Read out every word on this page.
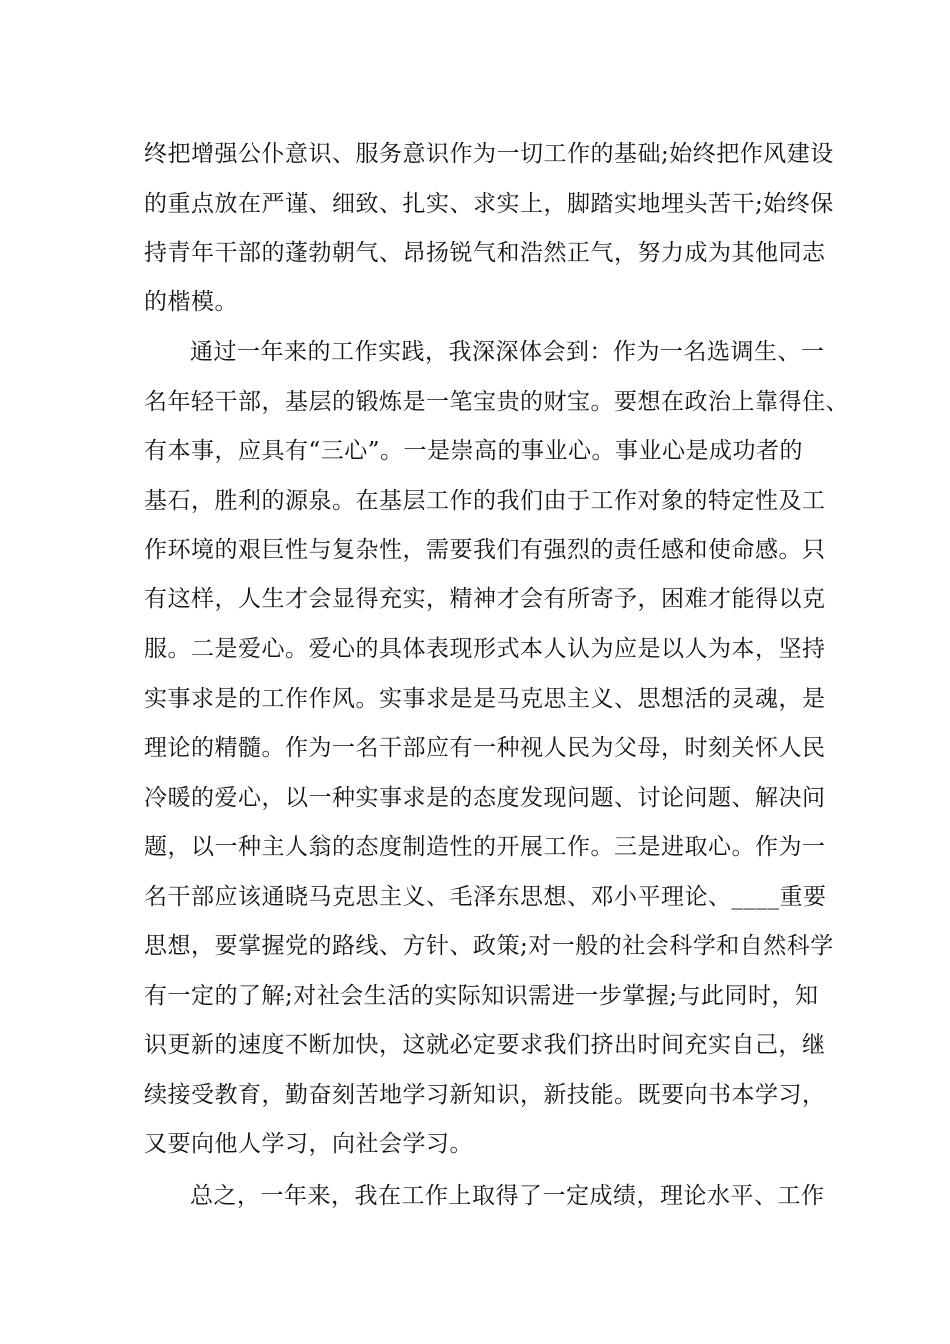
终把增强公仆意识、服务意识作为一切工作的基础;始终把作风建设
的重点放在严谨、细致、扎实、求实上，脚踏实地埋头苦干;始终保
持青年干部的蓬勃朝气、昂扬锐气和浩然正气，努力成为其他同志
的楷模。
通过一年来的工作实践，我深深体会到：作为一名选调生、一
名年轻干部，基层的锻炼是一笔宝贵的财宝。要想在政治上靠得住、
有本事，应具有“三心”。一是崇高的事业心。事业心是成功者的
基石，胜利的源泉。在基层工作的我们由于工作对象的特定性及工
作环境的艰巨性与复杂性，需要我们有强烈的责任感和使命感。只
有这样，人生才会显得充实，精神才会有所寄予，困难才能得以克
服。二是爱心。爱心的具体表现形式本人认为应是以人为本，坚持
实事求是的工作作风。实事求是是马克思主义、思想活的灵魂，是
理论的精髓。作为一名干部应有一种视人民为父母，时刻关怀人民
冷暖的爱心，以一种实事求是的态度发现问题、讨论问题、解决问
题，以一种主人翁的态度制造性的开展工作。三是进取心。作为一
名干部应该通晓马克思主义、毛泽东思想、邓小平理论、____重要
思想，要掌握党的路线、方针、政策;对一般的社会科学和自然科学
有一定的了解;对社会生活的实际知识需进一步掌握;与此同时，知
识更新的速度不断加快，这就必定要求我们挤出时间充实自己，继
续接受教育，勤奋刻苦地学习新知识，新技能。既要向书本学习，
又要向他人学习，向社会学习。
总之，一年来，我在工作上取得了一定成绩，理论水平、工作
